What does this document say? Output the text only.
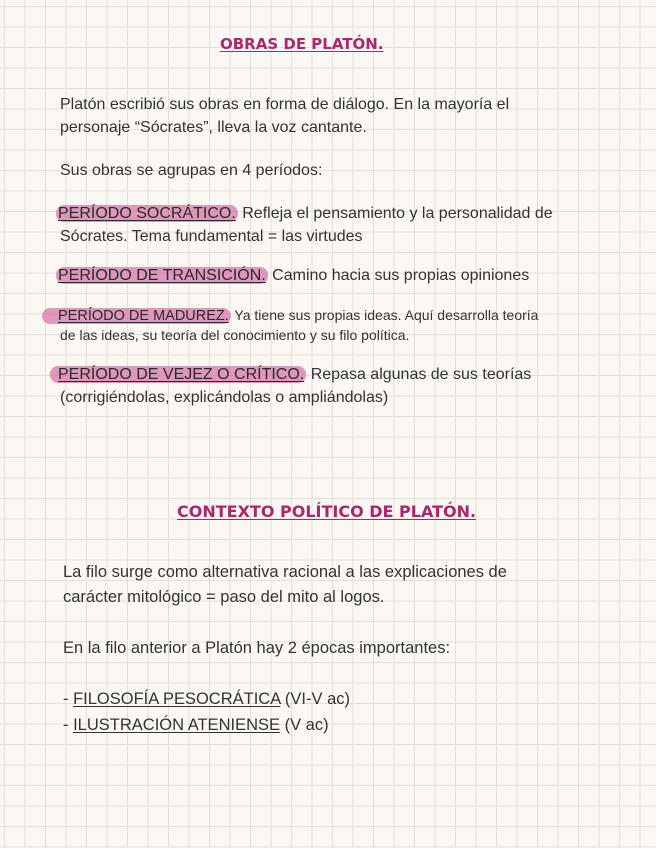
OBRAS DE PLATÓN.
Platón escribió sus obras en forma de diálogo. En la mayoría el
personaje “Sócrates”, lleva la voz cantante.
Sus obras se agrupas en 4 períodos:
PERÍODO SOCRÁTICO. Refleja el pensamiento y la personalidad de
Sócrates. Tema fundamental = las virtudes
PERÍODO DE TRANSICIÓN. Camino hacia sus propias opiniones
PERÍODO DE MADUREZ. Ya tiene sus propias ideas. Aquí desarrolla teoría
de las ideas, su teoría del conocimiento y su filo política.
PERÍODO DE VEJEZ O CRÍTICO. Repasa algunas de sus teorías
(corrigiéndolas, explicándolas o ampliándolas)
CONTEXTO POLÍTICO DE PLATÓN.
La filo surge como alternativa racional a las explicaciones de
carácter mitológico = paso del mito al logos.
En la filo anterior a Platón hay 2 épocas importantes:
- FILOSOFÍA PESOCRÁTICA (VI-V ac)
- ILUSTRACIÓN ATENIENSE (V ac)
